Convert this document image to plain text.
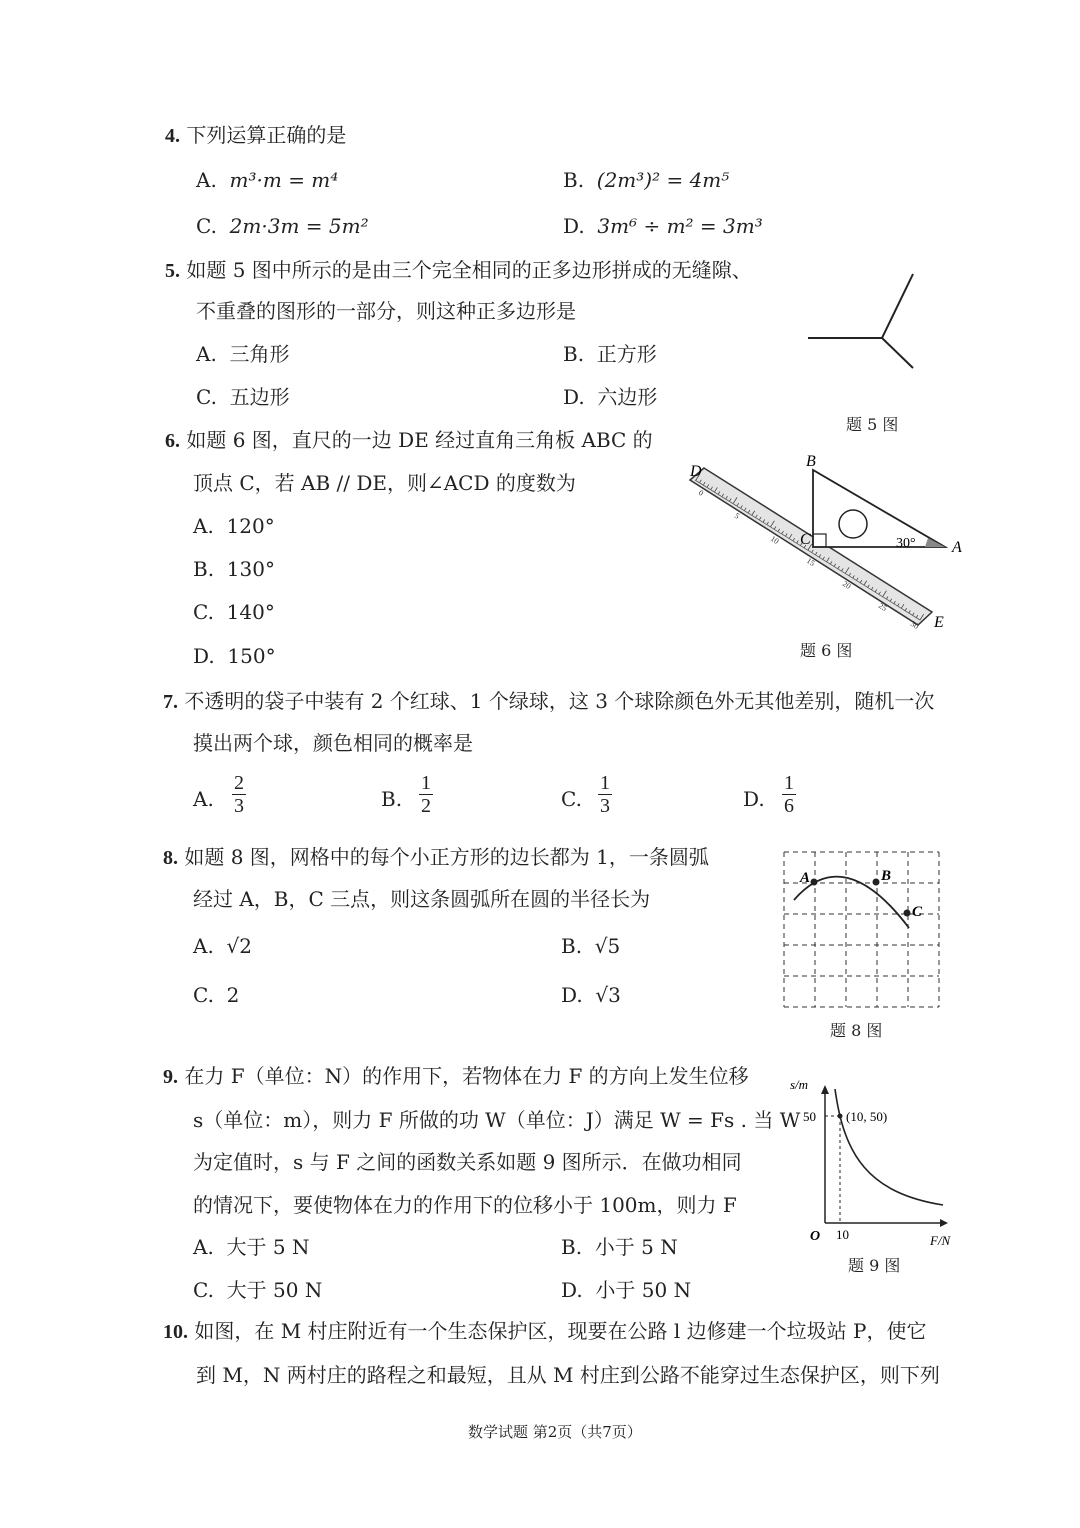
4. 下列运算正确的是
A. m³·m = m⁴	B. (2m³)² = 4m⁵
C. 2m·3m = 5m²	D. 3m⁶ ÷ m² = 3m³
5. 如题 5 图中所示的是由三个完全相同的正多边形拼成的无缝隙、
不重叠的图形的一部分，则这种正多边形是
A. 三角形	B. 正方形
C. 五边形	D. 六边形
题 5 图
6. 如题 6 图，直尺的一边 DE 经过直角三角板 ABC 的
顶点 C，若 AB // DE，则∠ACD 的度数为
A. 120°
B. 130°
C. 140°
D. 150°
0
5
10
15
20
25
30
D
B
C	A
E
30°
题 6 图
7. 不透明的袋子中装有 2 个红球、1 个绿球，这 3 个球除颜色外无其他差别，随机一次
摸出两个球，颜色相同的概率是
A.
2
3	B.
1
2	C.
1
3	D.
1
6
8. 如题 8 图，网格中的每个小正方形的边长都为 1，一条圆弧
经过 A，B，C 三点，则这条圆弧所在圆的半径长为
A. √2	B. √5
C. 2	D. √3
A	B
C
题 8 图
9. 在力 F（单位：N）的作用下，若物体在力 F 的方向上发生位移
s（单位：m），则力 F 所做的功 W（单位：J）满足 W = Fs . 当 W
为定值时，s 与 F 之间的函数关系如题 9 图所示．在做功相同
的情况下，要使物体在力的作用下的位移小于 100m，则力 F
A. 大于 5 N	B. 小于 5 N
C. 大于 50 N	D. 小于 50 N
s/m
F/N
O
50
10
(10, 50)
题 9 图
10. 如图，在 M 村庄附近有一个生态保护区，现要在公路 l 边修建一个垃圾站 P，使它
到 M，N 两村庄的路程之和最短，且从 M 村庄到公路不能穿过生态保护区，则下列
数学试题 第2页（共7页）
